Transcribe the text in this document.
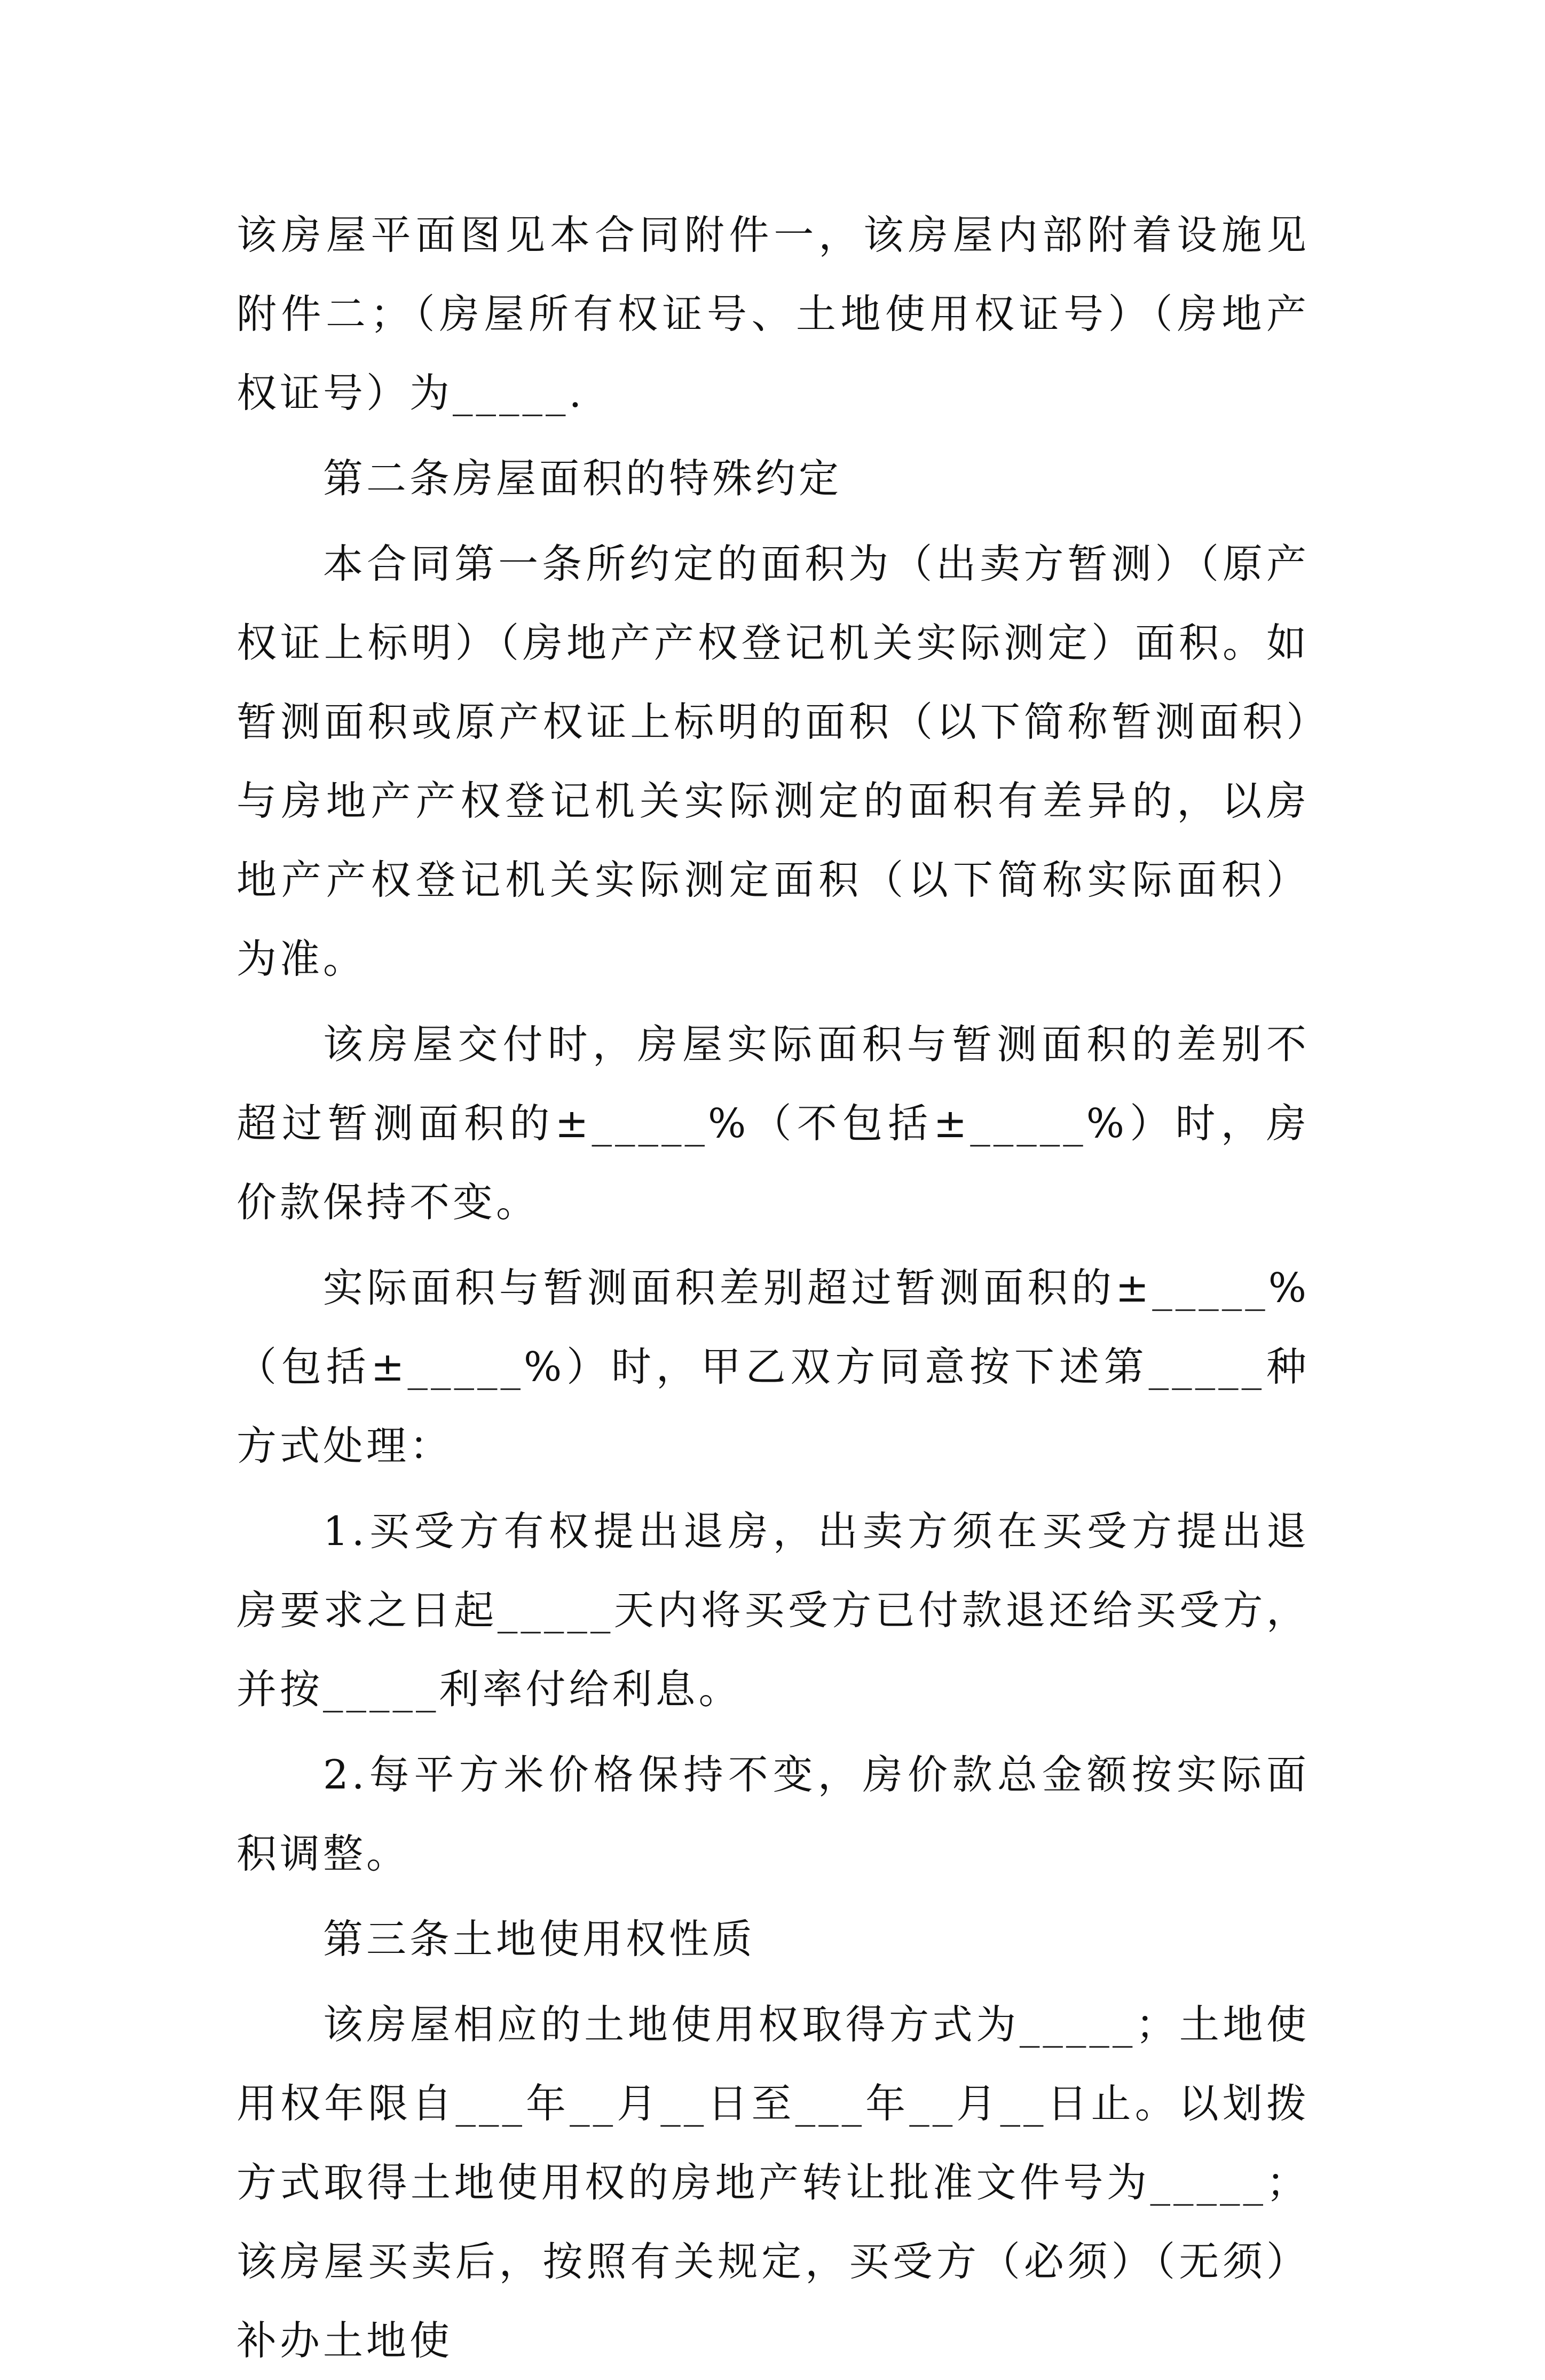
该房屋平面图见本合同附件一，该房屋内部附着设施见附件二；（房屋所有权证号、土地使用权证号）（房地产权证号）为_____.

第二条房屋面积的特殊约定

本合同第一条所约定的面积为（出卖方暂测）（原产权证上标明）（房地产产权登记机关实际测定）面积。如暂测面积或原产权证上标明的面积（以下简称暂测面积）与房地产产权登记机关实际测定的面积有差异的，以房地产产权登记机关实际测定面积（以下简称实际面积）为准。

该房屋交付时，房屋实际面积与暂测面积的差别不超过暂测面积的±_____%（不包括±_____%）时，房价款保持不变。

实际面积与暂测面积差别超过暂测面积的±_____%（包括±_____%）时，甲乙双方同意按下述第_____种方式处理：

1.买受方有权提出退房，出卖方须在买受方提出退房要求之日起_____天内将买受方已付款退还给买受方，并按_____利率付给利息。

2.每平方米价格保持不变，房价款总金额按实际面积调整。

第三条土地使用权性质

该房屋相应的土地使用权取得方式为_____；土地使用权年限自___年__月__日至___年__月__日止。以划拨方式取得土地使用权的房地产转让批准文件号为_____；该房屋买卖后，按照有关规定，买受方（必须）（无须）补办土地使
